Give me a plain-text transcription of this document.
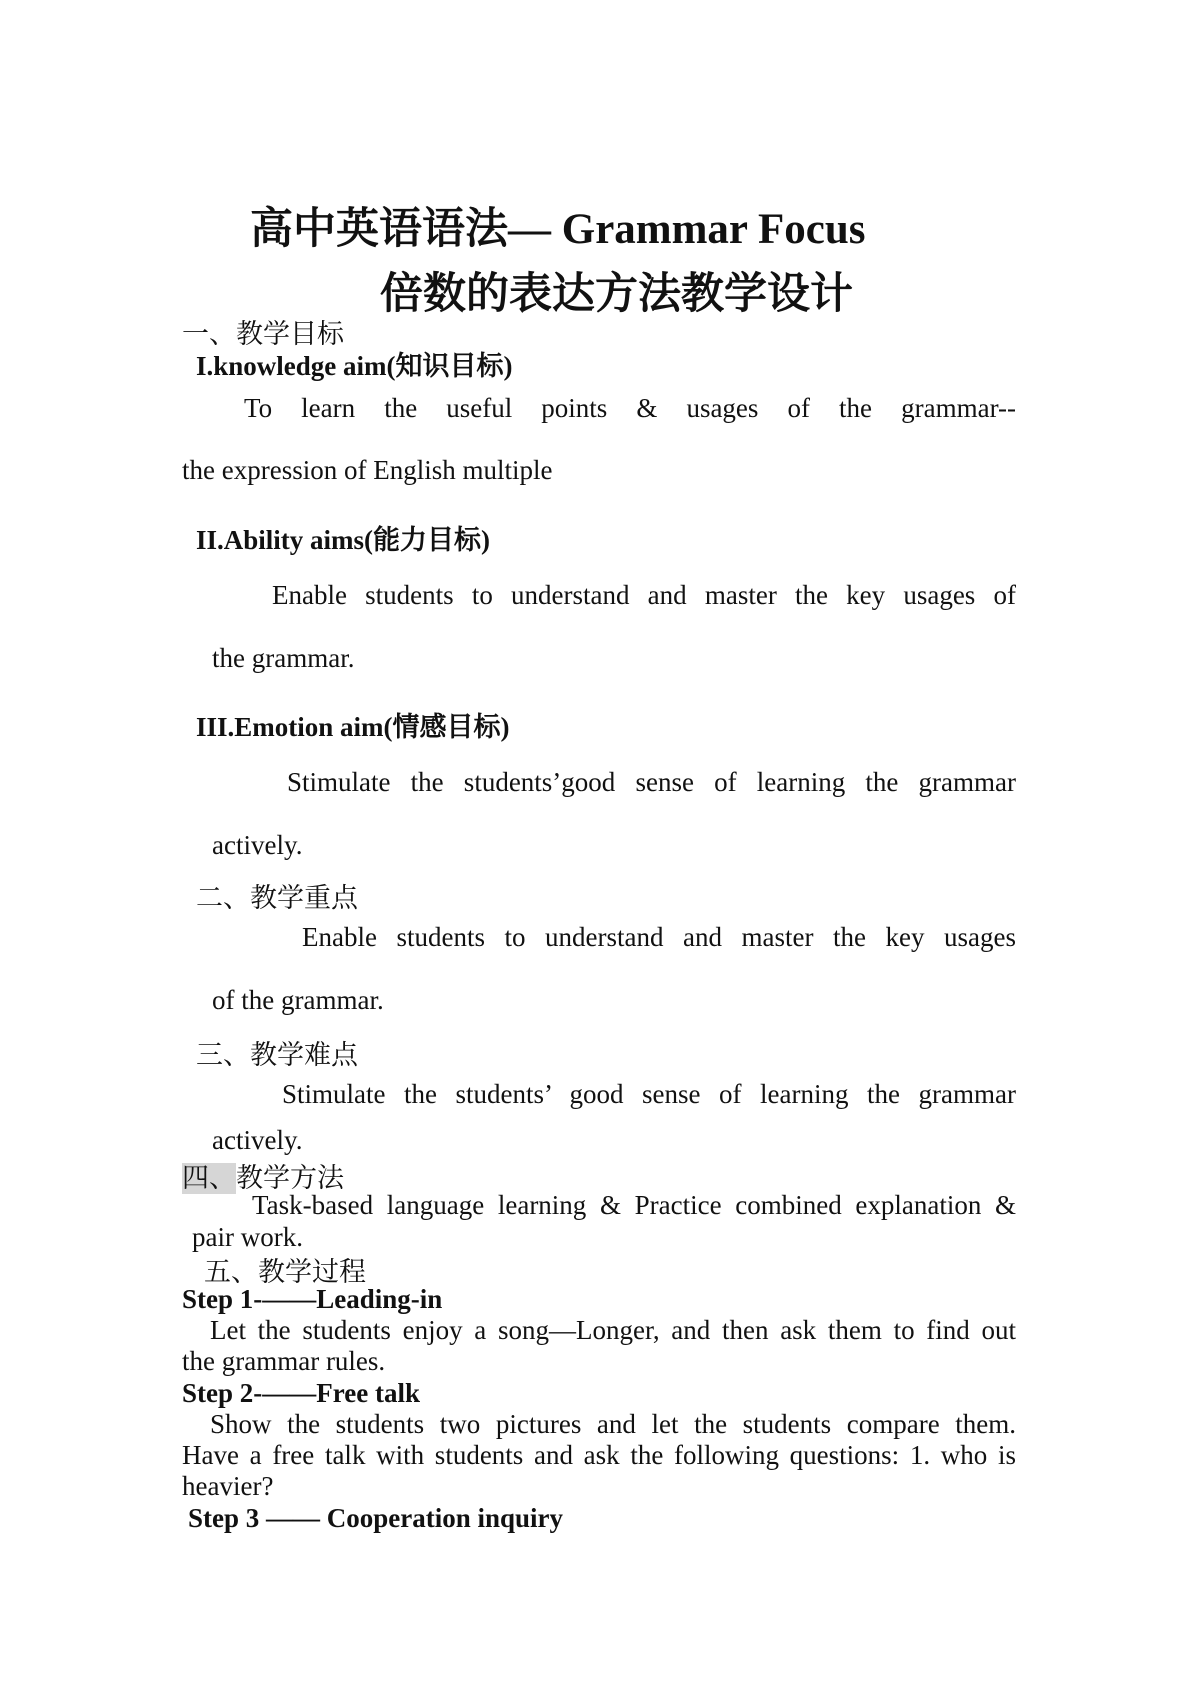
高中英语语法— Grammar Focus
倍数的表达方法教学设计
一、教学目标
I.knowledge aim(知识目标)
To learn the useful points & usages of the grammar--
the expression of English multiple
II.Ability aims(能力目标)
Enable students to understand and master the key usages of
the grammar.
III.Emotion aim(情感目标)
Stimulate the students’good sense of learning the grammar
actively.
二、教学重点
Enable students to understand and master the key usages
of the grammar.
三、教学难点
Stimulate the students’ good sense of learning the grammar
actively.
四、教学方法
Task-based language learning & Practice combined explanation &
pair work.
五、教学过程
Step 1-——Leading-in
Let the students enjoy a song—Longer, and then ask them to find out
the grammar rules.
Step 2-——Free talk
Show the students two pictures and let the students compare them.
Have a free talk with students and ask the following questions: 1. who is
heavier?
Step 3 —— Cooperation inquiry
